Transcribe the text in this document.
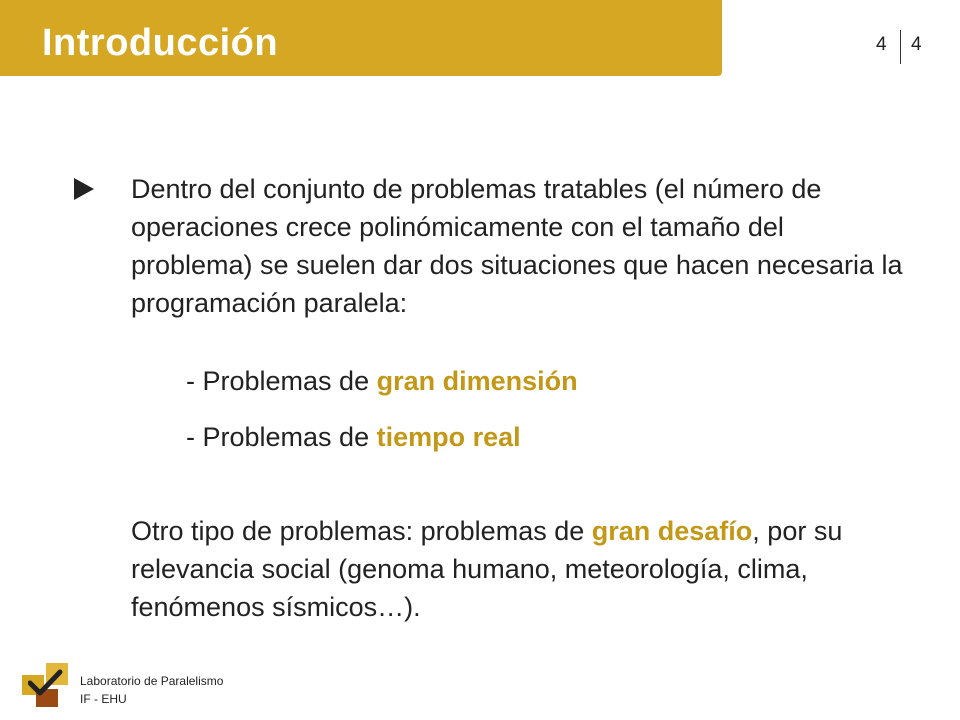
Introducción	4 4

Dentro del conjunto de problemas tratables (el número de operaciones crece polinómicamente con el tamaño del problema) se suelen dar dos situaciones que hacen necesaria la programación paralela:

- Problemas de gran dimensión
- Problemas de tiempo real

Otro tipo de problemas: problemas de gran desafío, por su relevancia social (genoma humano, meteorología, clima, fenómenos sísmicos…).

Laboratorio de Paralelismo
IF - EHU
